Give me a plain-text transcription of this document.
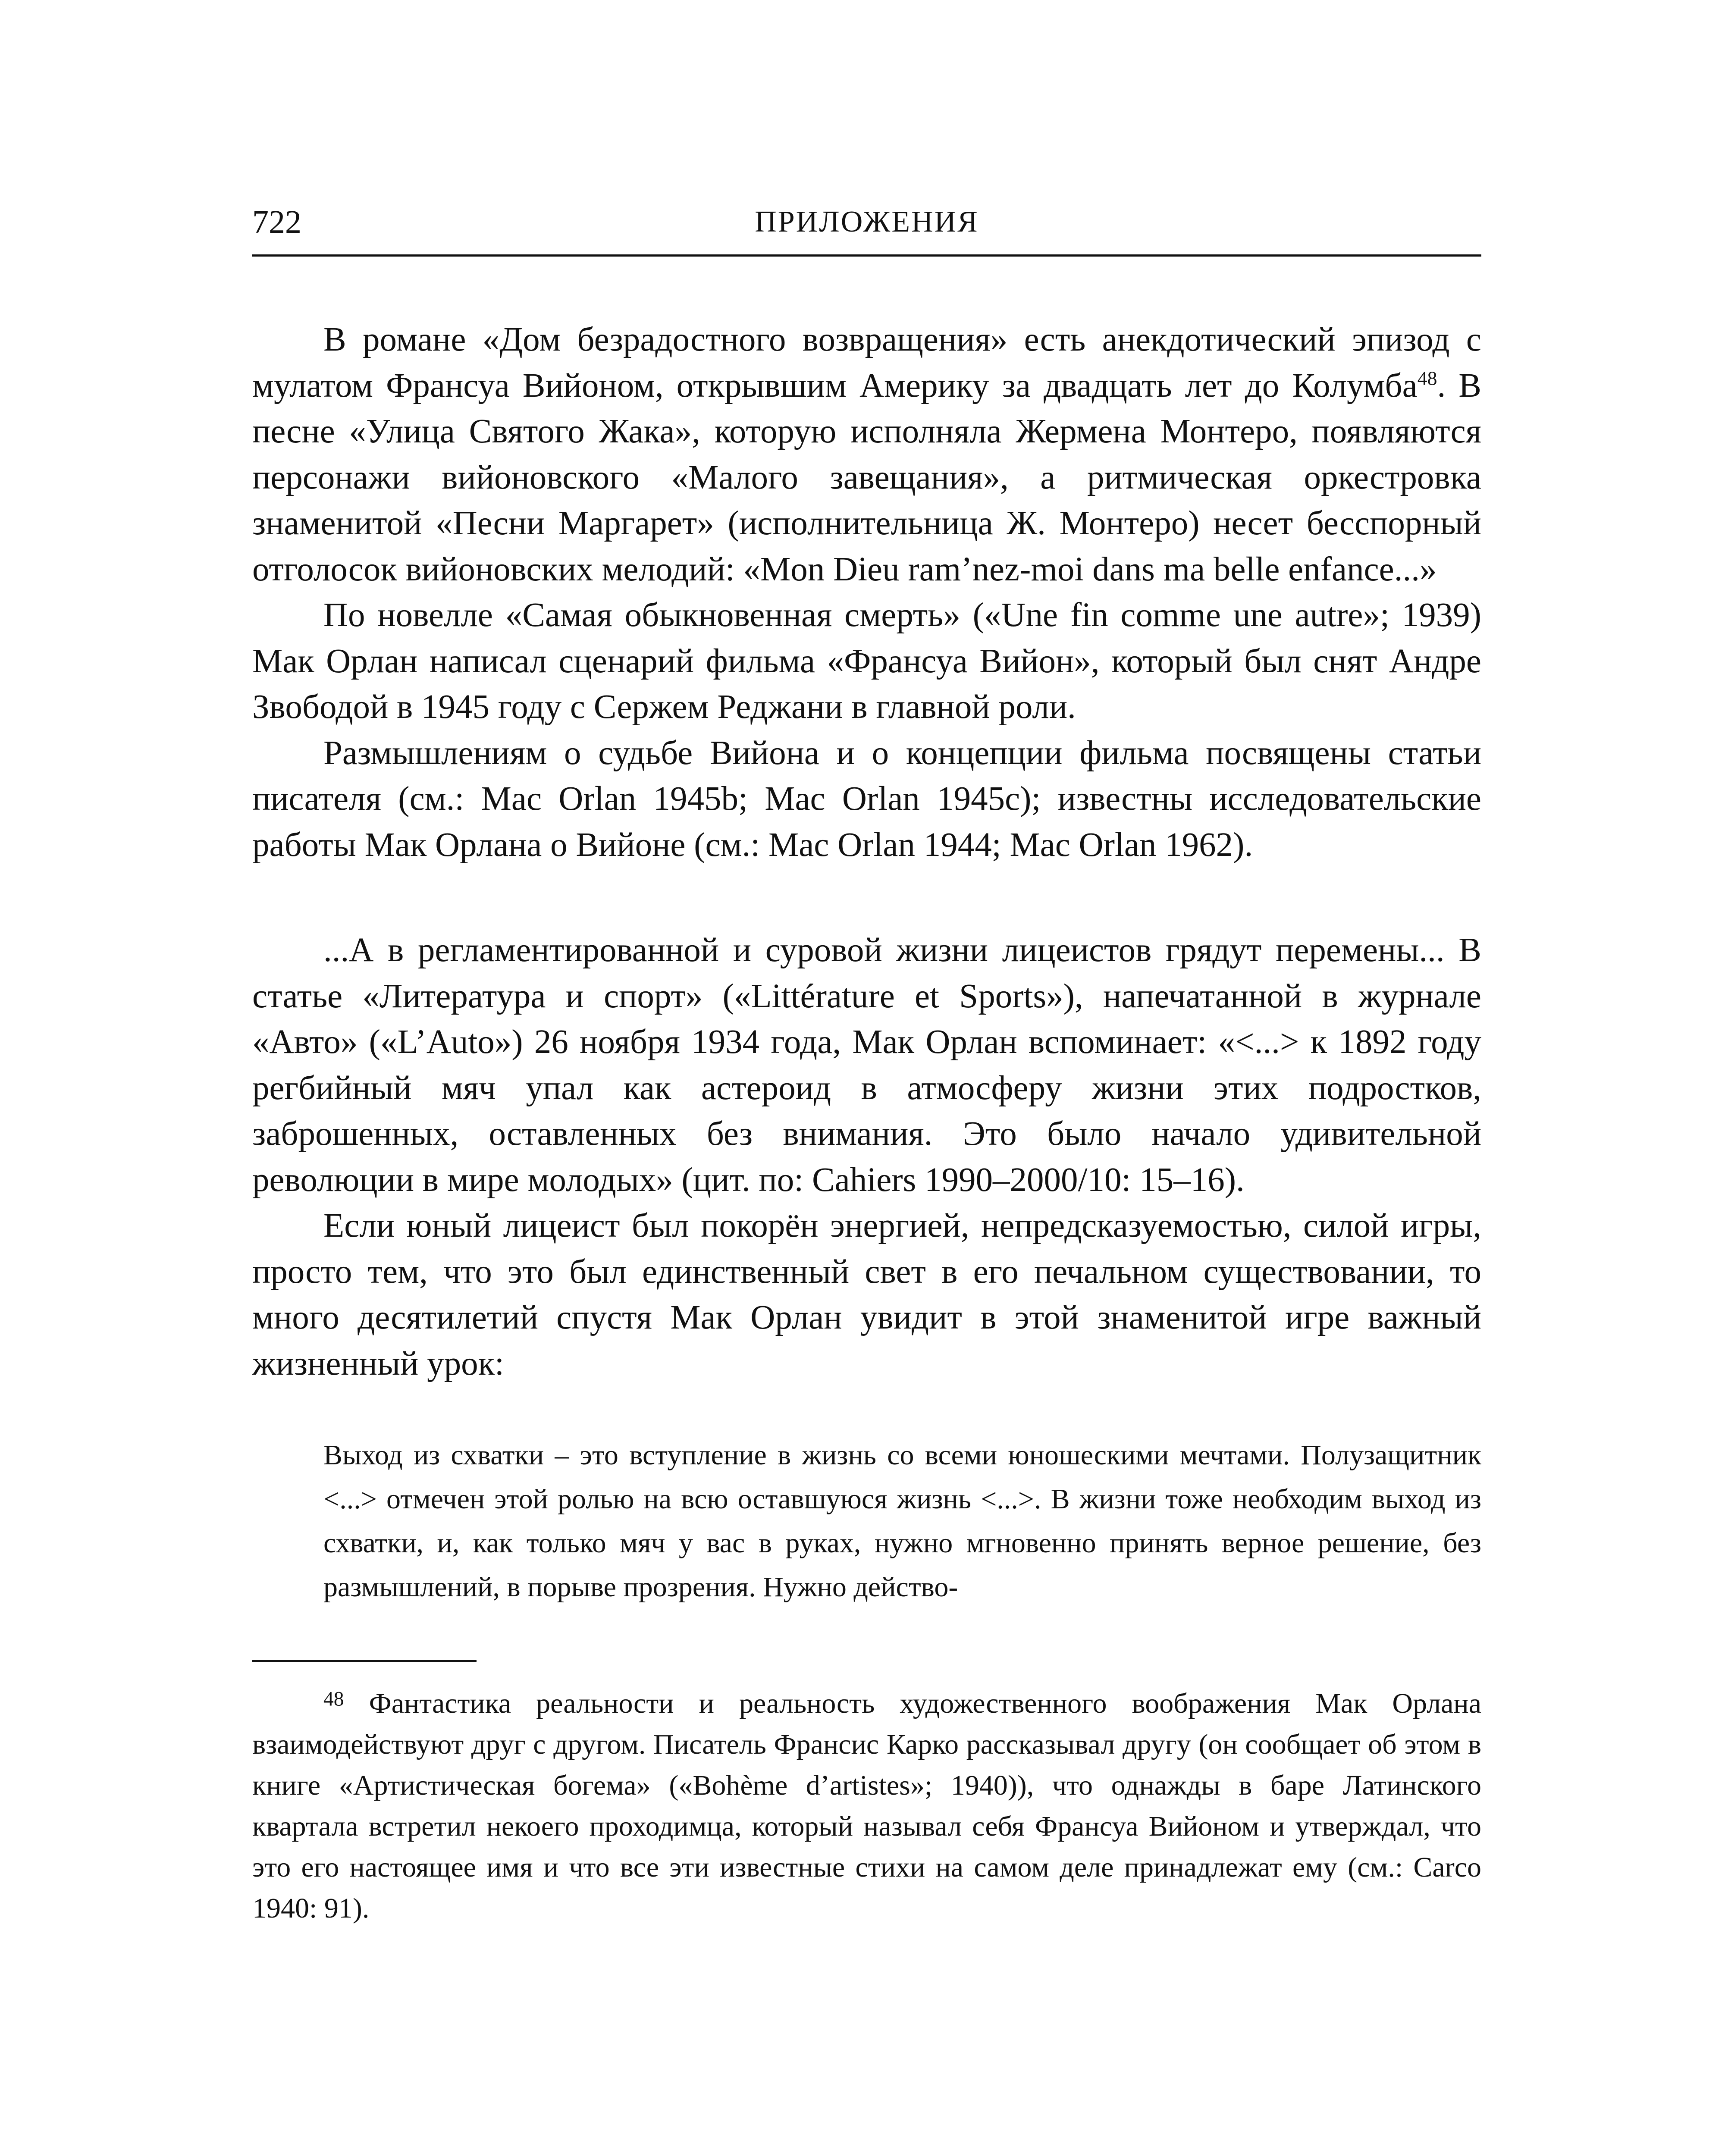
722	ПРИЛОЖЕНИЯ

В романе «Дом безрадостного возвращения» есть анекдотический эпизод с мулатом Франсуа Вийоном, открывшим Америку за двадцать лет до Колумба$^{48}$. В песне «Улица Святого Жака», которую исполняла Жермена Монтеро, появляются персонажи вийоновского «Малого завещания», а ритмическая оркестровка знаменитой «Песни Маргарет» (исполнительница Ж. Монтеро) несет бесспорный отголосок вийоновских мелодий: «Mon Dieu ram’nez-moi dans ma belle enfance...»

По новелле «Самая обыкновенная смерть» («Une fin comme une autre»; 1939) Мак Орлан написал сценарий фильма «Франсуа Вийон», который был снят Андре Звободой в 1945 году с Сержем Реджани в главной роли.

Размышлениям о судьбе Вийона и о концепции фильма посвящены статьи писателя (см.: Mac Orlan 1945b; Mac Orlan 1945c); известны исследовательские работы Мак Орлана о Вийоне (см.: Mac Orlan 1944; Mac Orlan 1962).

...А в регламентированной и суровой жизни лицеистов грядут перемены... В статье «Литература и спорт» («Littérature et Sports»), напечатанной в журнале «Авто» («L’Auto») 26 ноября 1934 года, Мак Орлан вспоминает: «<...> к 1892 году регбийный мяч упал как астероид в атмосферу жизни этих подростков, заброшенных, оставленных без внимания. Это было начало удивительной революции в мире молодых» (цит. по: Cahiers 1990–2000/10: 15–16).

Если юный лицеист был покорён энергией, непредсказуемостью, силой игры, просто тем, что это был единственный свет в его печальном существовании, то много десятилетий спустя Мак Орлан увидит в этой знаменитой игре важный жизненный урок:

Выход из схватки – это вступление в жизнь со всеми юношескими мечтами. Полузащитник <...> отмечен этой ролью на всю оставшуюся жизнь <...>. В жизни тоже необходим выход из схватки, и, как только мяч у вас в руках, нужно мгновенно принять верное решение, без размышлений, в порыве прозрения. Нужно действо-

$^{48}$ Фантастика реальности и реальность художественного воображения Мак Орлана взаимодействуют друг с другом. Писатель Франсис Карко рассказывал другу (он сообщает об этом в книге «Артистическая богема» («Bohème d’artistes»; 1940)), что однажды в баре Латинского квартала встретил некоего проходимца, который называл себя Франсуа Вийоном и утверждал, что это его настоящее имя и что все эти известные стихи на самом деле принадлежат ему (см.: Carco 1940: 91).
